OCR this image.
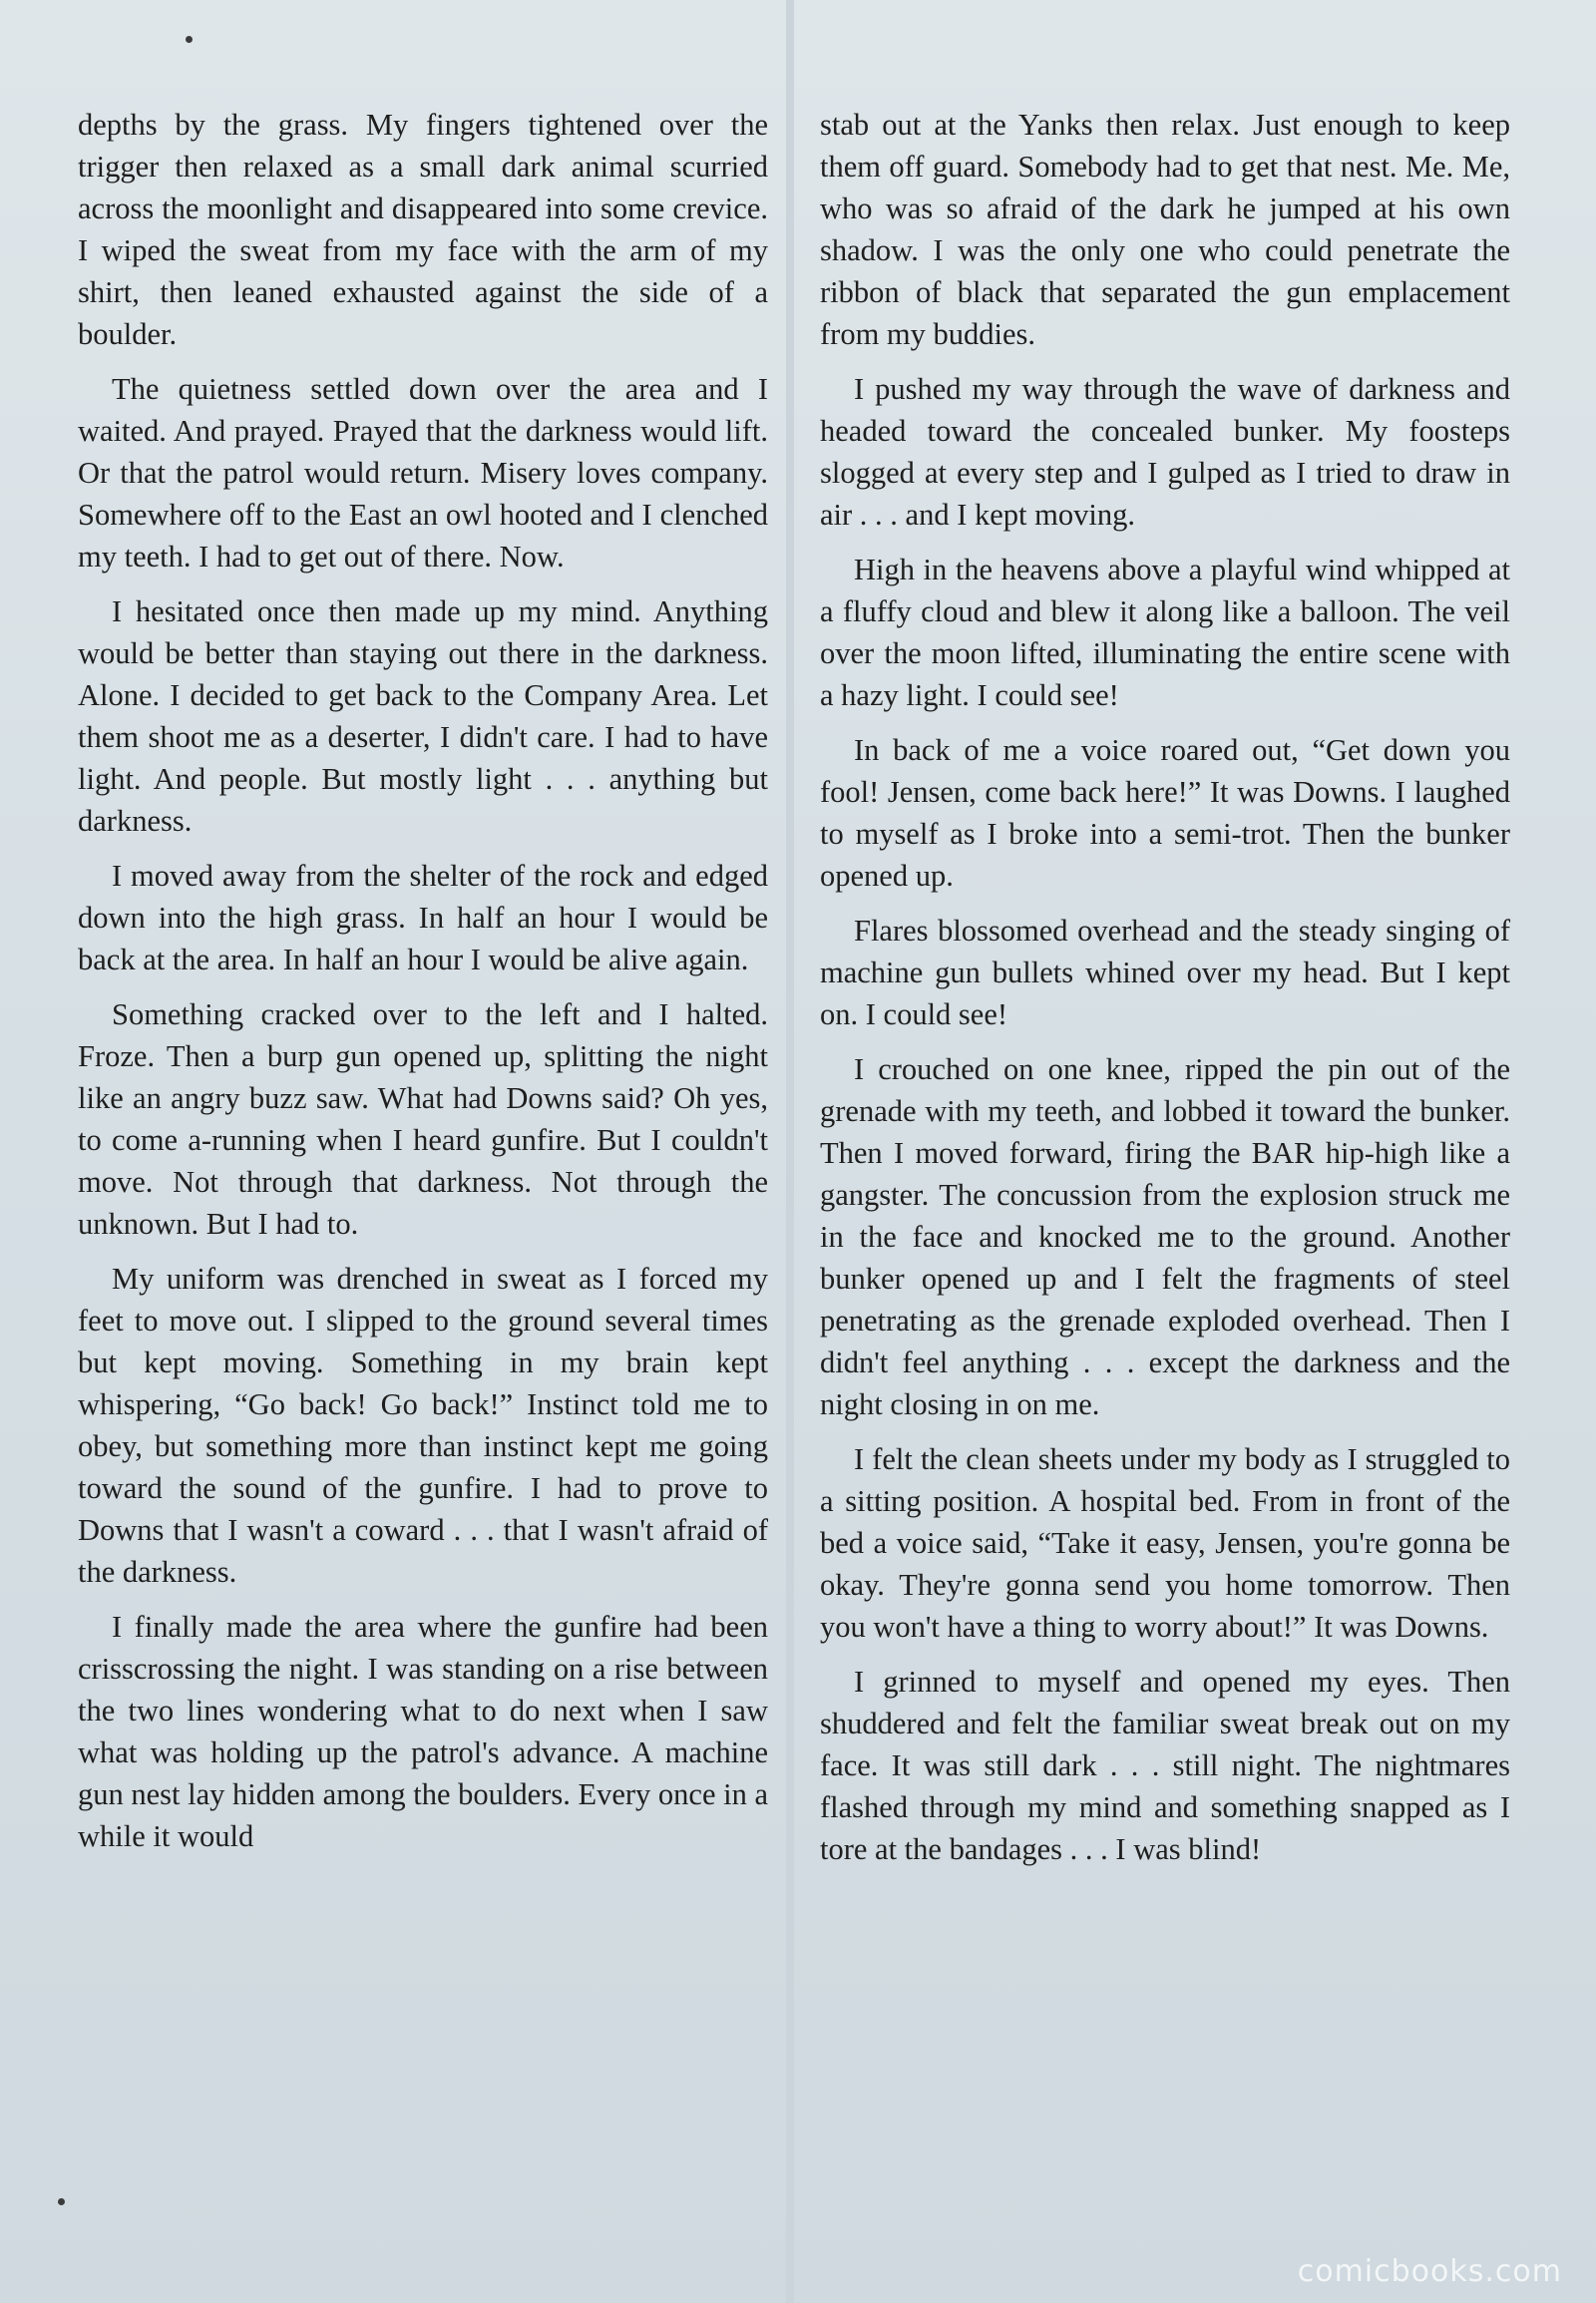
depths by the grass. My fingers tightened over the trigger then relaxed as a small dark animal scurried across the moonlight and disappeared into some crevice. I wiped the sweat from my face with the arm of my shirt, then leaned exhausted against the side of a boulder.

The quietness settled down over the area and I waited. And prayed. Prayed that the darkness would lift. Or that the patrol would return. Misery loves company. Somewhere off to the East an owl hooted and I clenched my teeth. I had to get out of there. Now.

I hesitated once then made up my mind. Anything would be better than staying out there in the darkness. Alone. I decided to get back to the Company Area. Let them shoot me as a deserter, I didn't care. I had to have light. And people. But mostly light . . . anything but darkness.

I moved away from the shelter of the rock and edged down into the high grass. In half an hour I would be back at the area. In half an hour I would be alive again.

Something cracked over to the left and I halted. Froze. Then a burp gun opened up, splitting the night like an angry buzz saw. What had Downs said? Oh yes, to come a-running when I heard gunfire. But I couldn't move. Not through that darkness. Not through the unknown. But I had to.

My uniform was drenched in sweat as I forced my feet to move out. I slipped to the ground several times but kept moving. Something in my brain kept whispering, “Go back! Go back!” Instinct told me to obey, but something more than instinct kept me going toward the sound of the gunfire. I had to prove to Downs that I wasn't a coward . . . that I wasn't afraid of the darkness.

I finally made the area where the gunfire had been crisscrossing the night. I was standing on a rise between the two lines wondering what to do next when I saw what was holding up the patrol's advance. A machine gun nest lay hidden among the boulders. Every once in a while it would

stab out at the Yanks then relax. Just enough to keep them off guard. Somebody had to get that nest. Me. Me, who was so afraid of the dark he jumped at his own shadow. I was the only one who could penetrate the ribbon of black that separated the gun emplacement from my buddies.

I pushed my way through the wave of darkness and headed toward the concealed bunker. My foosteps slogged at every step and I gulped as I tried to draw in air . . . and I kept moving.

High in the heavens above a playful wind whipped at a fluffy cloud and blew it along like a balloon. The veil over the moon lifted, illuminating the entire scene with a hazy light. I could see!

In back of me a voice roared out, “Get down you fool! Jensen, come back here!” It was Downs. I laughed to myself as I broke into a semi-trot. Then the bunker opened up.

Flares blossomed overhead and the steady singing of machine gun bullets whined over my head. But I kept on. I could see!

I crouched on one knee, ripped the pin out of the grenade with my teeth, and lobbed it toward the bunker. Then I moved forward, firing the BAR hip-high like a gangster. The concussion from the explosion struck me in the face and knocked me to the ground. Another bunker opened up and I felt the fragments of steel penetrating as the grenade exploded overhead. Then I didn't feel anything . . . except the darkness and the night closing in on me.

I felt the clean sheets under my body as I struggled to a sitting position. A hospital bed. From in front of the bed a voice said, “Take it easy, Jensen, you're gonna be okay. They're gonna send you home tomorrow. Then you won't have a thing to worry about!” It was Downs.

I grinned to myself and opened my eyes. Then shuddered and felt the familiar sweat break out on my face. It was still dark . . . still night. The nightmares flashed through my mind and something snapped as I tore at the bandages . . . I was blind!

comicbooks.com
